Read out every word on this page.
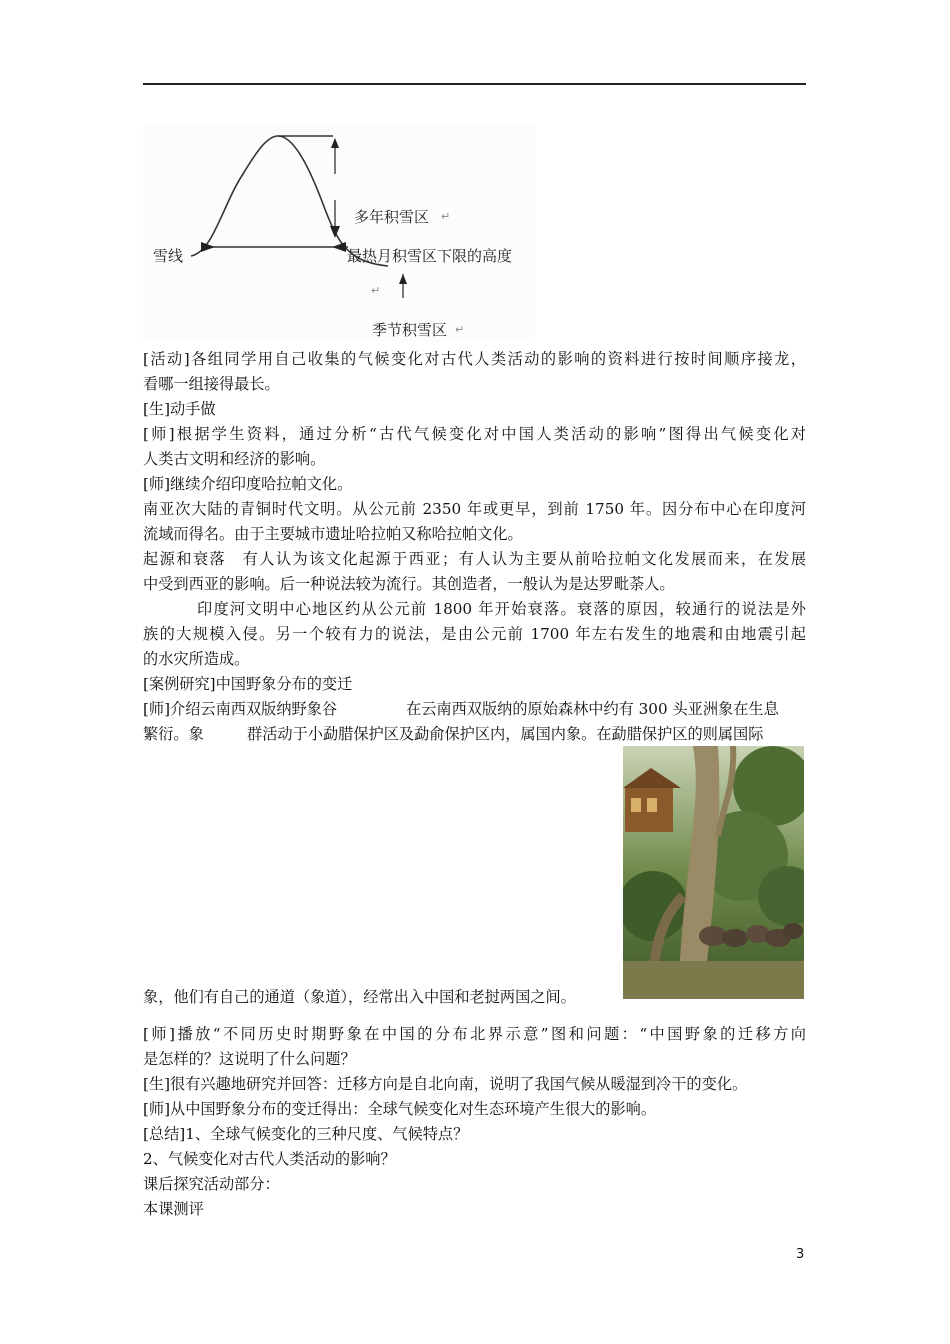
多年积雪区 ↵
雪线	最热月积雪区下限的高度
↵
季节积雪区 ↵
[活动]各组同学用自己收集的气候变化对古代人类活动的影响的资料进行按时间顺序接龙，
看哪一组接得最长。
[生]动手做
[师]根据学生资料，通过分析“古代气候变化对中国人类活动的影响”图得出气候变化对
人类古文明和经济的影响。
[师]继续介绍印度哈拉帕文化。
南亚次大陆的青铜时代文明。从公元前 2350 年或更早，到前 1750 年。因分布中心在印度河
流域而得名。由于主要城市遗址哈拉帕又称哈拉帕文化。
起源和衰落　有人认为该文化起源于西亚；有人认为主要从前哈拉帕文化发展而来，在发展
中受到西亚的影响。后一种说法较为流行。其创造者，一般认为是达罗毗荼人。
印度河文明中心地区约从公元前 1800 年开始衰落。衰落的原因，较通行的说法是外
族的大规模入侵。另一个较有力的说法，是由公元前 1700 年左右发生的地震和由地震引起
的水灾所造成。
[案例研究]中国野象分布的变迁
[师]介绍云南西双版纳野象谷	在云南西双版纳的原始森林中约有 300 头亚洲象在生息
繁衍。象	群活动于小勐腊保护区及勐俞保护区内，属国内象。在勐腊保护区的则属国际
象，他们有自己的通道（象道），经常出入中国和老挝两国之间。
[师]播放“不同历史时期野象在中国的分布北界示意”图和问题：“中国野象的迁移方向
是怎样的？这说明了什么问题？
[生]很有兴趣地研究并回答：迁移方向是自北向南，说明了我国气候从暖湿到冷干的变化。
[师]从中国野象分布的变迁得出：全球气候变化对生态环境产生很大的影响。
[总结]1、全球气候变化的三种尺度、气候特点？
2、气候变化对古代人类活动的影响？
课后探究活动部分：
本课测评
3
